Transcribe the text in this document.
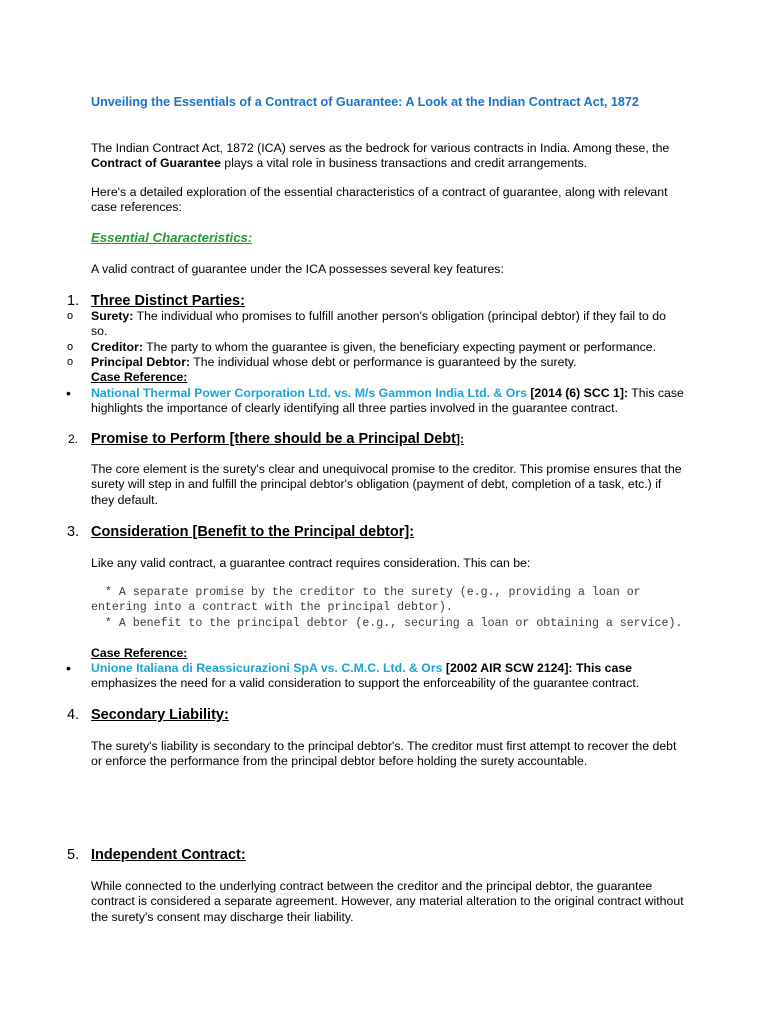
Unveiling the Essentials of a Contract of Guarantee: A Look at the Indian Contract Act, 1872
The Indian Contract Act, 1872 (ICA) serves as the bedrock for various contracts in India. Among these, the Contract of Guarantee plays a vital role in business transactions and credit arrangements.
Here's a detailed exploration of the essential characteristics of a contract of guarantee, along with relevant case references:
Essential Characteristics:
A valid contract of guarantee under the ICA possesses several key features:
1. Three Distinct Parties:
o	Surety: The individual who promises to fulfill another person's obligation (principal debtor) if they fail to do so.
o	Creditor: The party to whom the guarantee is given, the beneficiary expecting payment or performance.
o	Principal Debtor: The individual whose debt or performance is guaranteed by the surety.
Case Reference:
•	National Thermal Power Corporation Ltd. vs. M/s Gammon India Ltd. & Ors [2014 (6) SCC 1]: This case highlights the importance of clearly identifying all three parties involved in the guarantee contract.
2. Promise to Perform [there should be a Principal Debt]:
The core element is the surety's clear and unequivocal promise to the creditor. This promise ensures that the surety will step in and fulfill the principal debtor's obligation (payment of debt, completion of a task, etc.) if they default.
3. Consideration [Benefit to the Principal debtor]:
Like any valid contract, a guarantee contract requires consideration. This can be:
* A separate promise by the creditor to the surety (e.g., providing a loan or entering into a contract with the principal debtor).
* A benefit to the principal debtor (e.g., securing a loan or obtaining a service).
Case Reference:
•	Unione Italiana di Reassicurazioni SpA vs. C.M.C. Ltd. & Ors [2002 AIR SCW 2124]: This case emphasizes the need for a valid consideration to support the enforceability of the guarantee contract.
4. Secondary Liability:
The surety's liability is secondary to the principal debtor's. The creditor must first attempt to recover the debt or enforce the performance from the principal debtor before holding the surety accountable.
5. Independent Contract:
While connected to the underlying contract between the creditor and the principal debtor, the guarantee contract is considered a separate agreement. However, any material alteration to the original contract without the surety's consent may discharge their liability.
